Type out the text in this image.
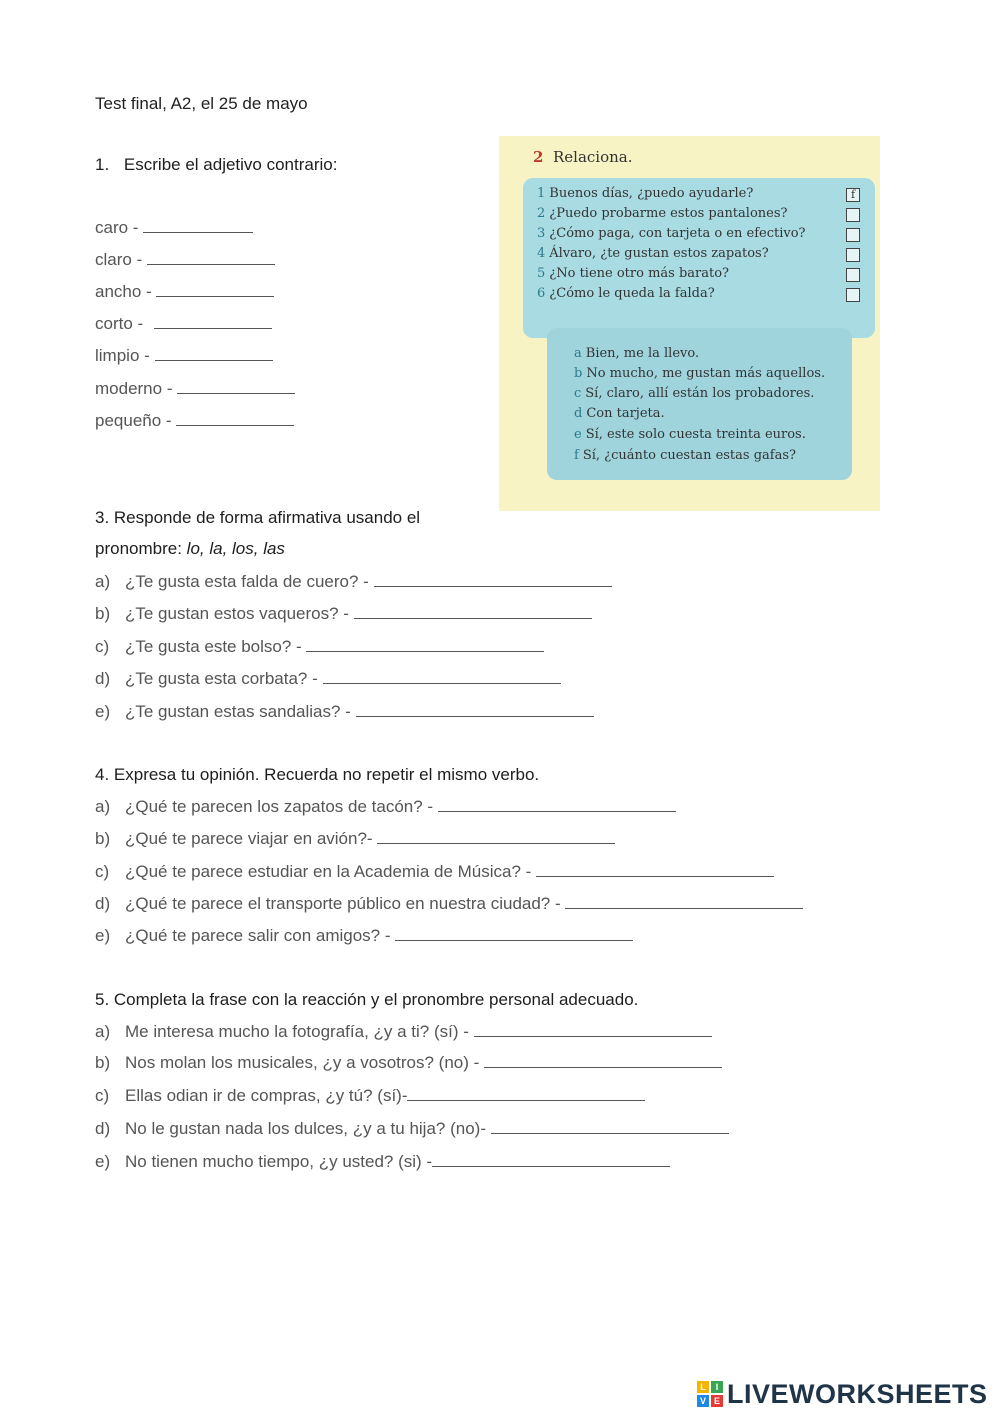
Test final, A2, el 25 de mayo
1. Escribe el adjetivo contrario:
caro -
claro -
ancho -
corto -
limpio -
moderno -
pequeño -
2 Relaciona.
1 Buenos días, ¿puedo ayudarle?	f
2 ¿Puedo probarme estos pantalones?
3 ¿Cómo paga, con tarjeta o en efectivo?
4 Álvaro, ¿te gustan estos zapatos?
5 ¿No tiene otro más barato?
6 ¿Cómo le queda la falda?
a Bien, me la llevo.
b No mucho, me gustan más aquellos.
c Sí, claro, allí están los probadores.
d Con tarjeta.
e Sí, este solo cuesta treinta euros.
f Sí, ¿cuánto cuestan estas gafas?
3. Responde de forma afirmativa usando el
pronombre: lo, la, los, las
a) ¿Te gusta esta falda de cuero? -
b) ¿Te gustan estos vaqueros? -
c) ¿Te gusta este bolso? -
d) ¿Te gusta esta corbata? -
e) ¿Te gustan estas sandalias? -
4. Expresa tu opinión. Recuerda no repetir el mismo verbo.
a) ¿Qué te parecen los zapatos de tacón? -
b) ¿Qué te parece viajar en avión?-
c) ¿Qué te parece estudiar en la Academia de Música? -
d) ¿Qué te parece el transporte público en nuestra ciudad? -
e) ¿Qué te parece salir con amigos? -
5. Completa la frase con la reacción y el pronombre personal adecuado.
a) Me interesa mucho la fotografía, ¿y a ti? (sí) -
b) Nos molan los musicales, ¿y a vosotros? (no) -
c) Ellas odian ir de compras, ¿y tú? (sí)-
d) No le gustan nada los dulces, ¿y a tu hija? (no)-
e) No tienen mucho tiempo, ¿y usted? (si) -
L	I
V E LIVEWORKSHEETS
